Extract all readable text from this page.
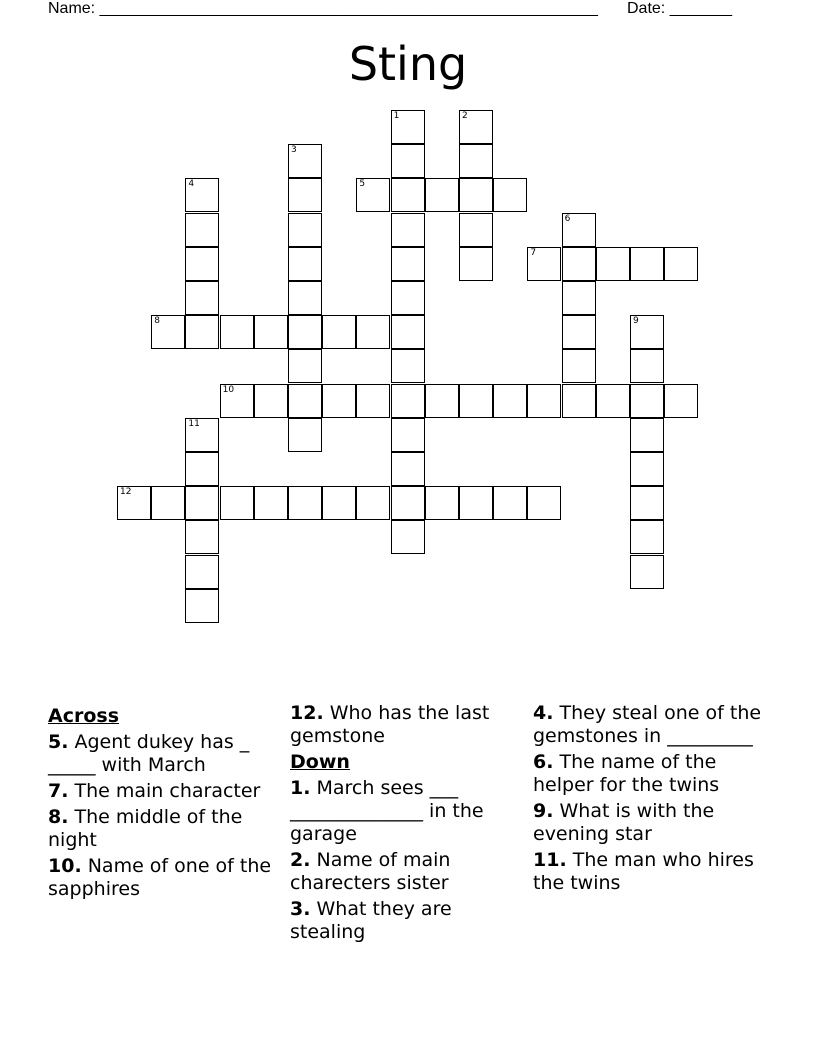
Name: ________________________________________________________ Date: _______
Sting
1	2
3
4	5
6
7
8	9
10
11
12
Across
5. Agent dukey has _ _____ with March
7. The main character
8. The middle of the night
10. Name of one of the sapphires
12. Who has the last gemstone
Down
1. March sees ___ ______________ in the garage
2. Name of main charecters sister
3. What they are stealing
4. They steal one of the gemstones in _________
6. The name of the helper for the twins
9. What is with the evening star
11. The man who hires the twins
